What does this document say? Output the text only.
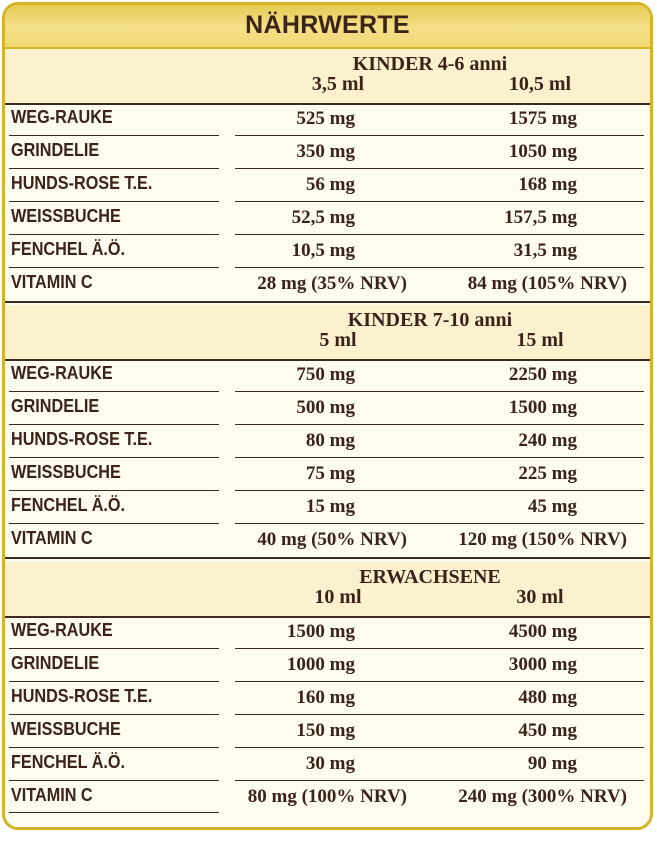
NÄHRWERTE
KINDER 4-6 anni
3,5 ml	10,5 ml
WEG-RAUKE	525 mg	1575 mg
GRINDELIE	350 mg	1050 mg
HUNDS-ROSE T.E.	56 mg	168 mg
WEISSBUCHE	52,5 mg	157,5 mg
FENCHEL Ä.Ö.	10,5 mg	31,5 mg
VITAMIN C	28 mg (35% NRV)	84 mg (105% NRV)
KINDER 7-10 anni
5 ml	15 ml
WEG-RAUKE	750 mg	2250 mg
GRINDELIE	500 mg	1500 mg
HUNDS-ROSE T.E.	80 mg	240 mg
WEISSBUCHE	75 mg	225 mg
FENCHEL Ä.Ö.	15 mg	45 mg
VITAMIN C	40 mg (50% NRV)	120 mg (150% NRV)
ERWACHSENE
10 ml	30 ml
WEG-RAUKE	1500 mg	4500 mg
GRINDELIE	1000 mg	3000 mg
HUNDS-ROSE T.E.	160 mg	480 mg
WEISSBUCHE	150 mg	450 mg
FENCHEL Ä.Ö.	30 mg	90 mg
VITAMIN C	80 mg (100% NRV)	240 mg (300% NRV)
